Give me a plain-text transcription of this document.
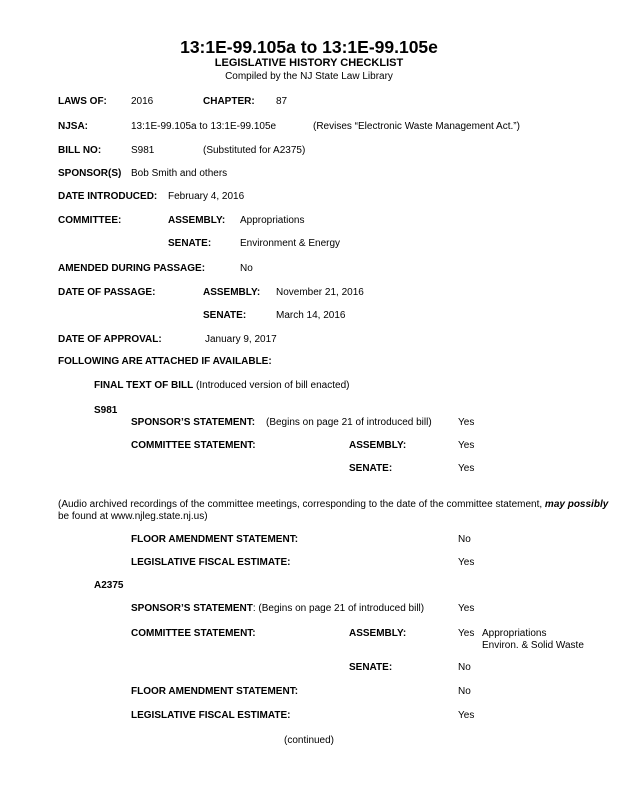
13:1E-99.105a to 13:1E-99.105e
LEGISLATIVE HISTORY CHECKLIST
Compiled by the NJ State Law Library
LAWS OF: 2016	CHAPTER: 87
NJSA:	13:1E-99.105a to 13:1E-99.105e	(Revises “Electronic Waste Management Act.”)
BILL NO:	S981	(Substituted for A2375)
SPONSOR(S) Bob Smith and others
DATE INTRODUCED: February 4, 2016
COMMITTEE:	ASSEMBLY: Appropriations
SENATE:	Environment & Energy
AMENDED DURING PASSAGE:	No
DATE OF PASSAGE:	ASSEMBLY: November 21, 2016
SENATE:	March 14, 2016
DATE OF APPROVAL:	January 9, 2017
FOLLOWING ARE ATTACHED IF AVAILABLE:
FINAL TEXT OF BILL (Introduced version of bill enacted)
S981
SPONSOR’S STATEMENT: (Begins on page 21 of introduced bill)	Yes
COMMITTEE STATEMENT:	ASSEMBLY:	Yes
SENATE:	Yes
(Audio archived recordings of the committee meetings, corresponding to the date of the committee statement, may possibly
be found at www.njleg.state.nj.us)
FLOOR AMENDMENT STATEMENT:	No
LEGISLATIVE FISCAL ESTIMATE:	Yes
A2375
SPONSOR’S STATEMENT: (Begins on page 21 of introduced bill)	Yes
COMMITTEE STATEMENT:	ASSEMBLY:	Yes Appropriations
Environ. & Solid Waste
SENATE:	No
FLOOR AMENDMENT STATEMENT:	No
LEGISLATIVE FISCAL ESTIMATE:	Yes
(continued)
